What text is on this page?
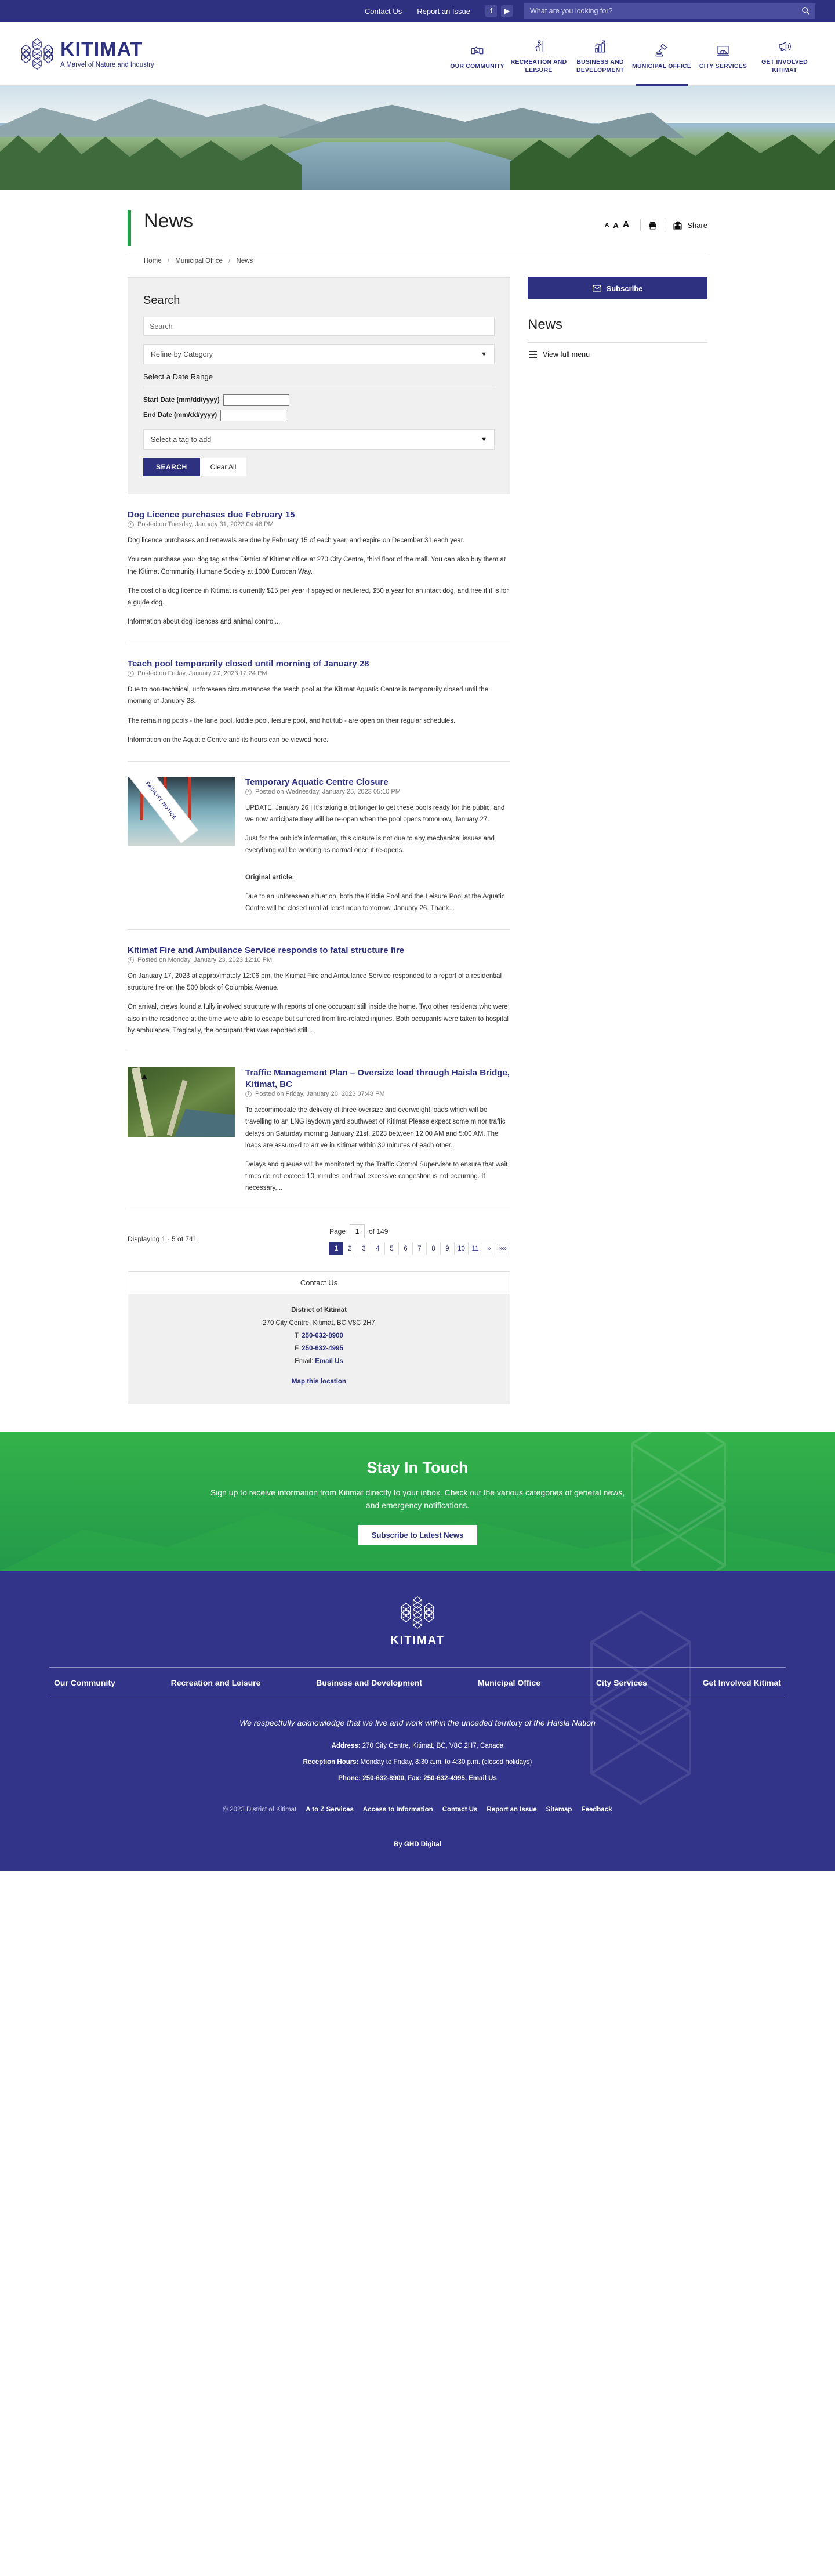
Contact Us Report an Issue	f	▶
What are you looking for?
KITIMAT
A Marvel of Nature and Industry	OUR COMMUNITY
RECREATION AND LEISURE
BUSINESS AND DEVELOPMENT
MUNICIPAL OFFICE CITY SERVICES
GET INVOLVED KITIMAT
News	A A A	Share
Home / Municipal Office / News
Search
Search
Refine by Category	▼
Select a Date Range
Start Date (mm/dd/yyyy)
End Date (mm/dd/yyyy)
Select a tag to add	▼
SEARCH	Clear All
Dog Licence purchases due February 15
Posted on Tuesday, January 31, 2023 04:48 PM

Dog licence purchases and renewals are due by February 15 of each year, and expire on December 31 each year.

You can purchase your dog tag at the District of Kitimat office at 270 City Centre, third floor of the mall. You can also buy them at the Kitimat Community Humane Society at 1000 Eurocan Way.

The cost of a dog licence in Kitimat is currently $15 per year if spayed or neutered, $50 a year for an intact dog, and free if it is for a guide dog.

Information about dog licences and animal control...

Teach pool temporarily closed until morning of January 28
Posted on Friday, January 27, 2023 12:24 PM

Due to non-technical, unforeseen circumstances the teach pool at the Kitimat Aquatic Centre is temporarily closed until the morning of January 28.

The remaining pools - the lane pool, kiddie pool, leisure pool, and hot tub - are open on their regular schedules.

Information on the Aquatic Centre and its hours can be viewed here.

FACILITY NOTICE	Temporary Aquatic Centre Closure
Posted on Wednesday, January 25, 2023 05:10 PM

UPDATE, January 26 | It's taking a bit longer to get these pools ready for the public, and we now anticipate they will be re-open when the pool opens tomorrow, January 27.

Just for the public's information, this closure is not due to any mechanical issues and everything will be working as normal once it re-opens.

Original article:

Due to an unforeseen situation, both the Kiddie Pool and the Leisure Pool at the Aquatic Centre will be closed until at least noon tomorrow, January 26. Thank...

Kitimat Fire and Ambulance Service responds to fatal structure fire
Posted on Monday, January 23, 2023 12:10 PM

On January 17, 2023 at approximately 12:06 pm, the Kitimat Fire and Ambulance Service responded to a report of a residential structure fire on the 500 block of Columbia Avenue.

On arrival, crews found a fully involved structure with reports of one occupant still inside the home. Two other residents who were also in the residence at the time were able to escape but suffered from fire-related injuries. Both occupants were taken to hospital by ambulance. Tragically, the occupant that was reported still...

Traffic Management Plan – Oversize load through Haisla Bridge, Kitimat, BC
Posted on Friday, January 20, 2023 07:48 PM

To accommodate the delivery of three oversize and overweight loads which will be travelling to an LNG laydown yard southwest of Kitimat Please expect some minor traffic delays on Saturday morning January 21st, 2023 between 12:00 AM and 5:00 AM. The loads are assumed to arrive in Kitimat within 30 minutes of each other.

Delays and queues will be monitored by the Traffic Control Supervisor to ensure that wait times do not exceed 10 minutes and that excessive congestion is not occurring. If necessary,...

Displaying 1 - 5 of 741
Page
1	of 149
1	2	3	4	5	6	7	8	9	10	11	»	»»
Contact Us
District of Kitimat
270 City Centre, Kitimat, BC V8C 2H7
T. 250-632-8900
F. 250-632-4995
Email: Email Us
Map this location
Subscribe
News
View full menu
Stay In Touch

Sign up to receive information from Kitimat directly to your inbox. Check out the various categories of general news, and emergency notifications.

Subscribe to Latest News
KITIMAT
Our Community	Recreation and Leisure	Business and Development	Municipal Office	City Services	Get Involved Kitimat
We respectfully acknowledge that we live and work within the unceded territory of the Haisla Nation
Address: 270 City Centre, Kitimat, BC, V8C 2H7, Canada
Reception Hours: Monday to Friday, 8:30 a.m. to 4:30 p.m. (closed holidays)
Phone: 250-632-8900, Fax: 250-632-4995, Email Us
© 2023 District of Kitimat A to Z Services Access to Information Contact Us Report an Issue Sitemap Feedback
By GHD Digital
